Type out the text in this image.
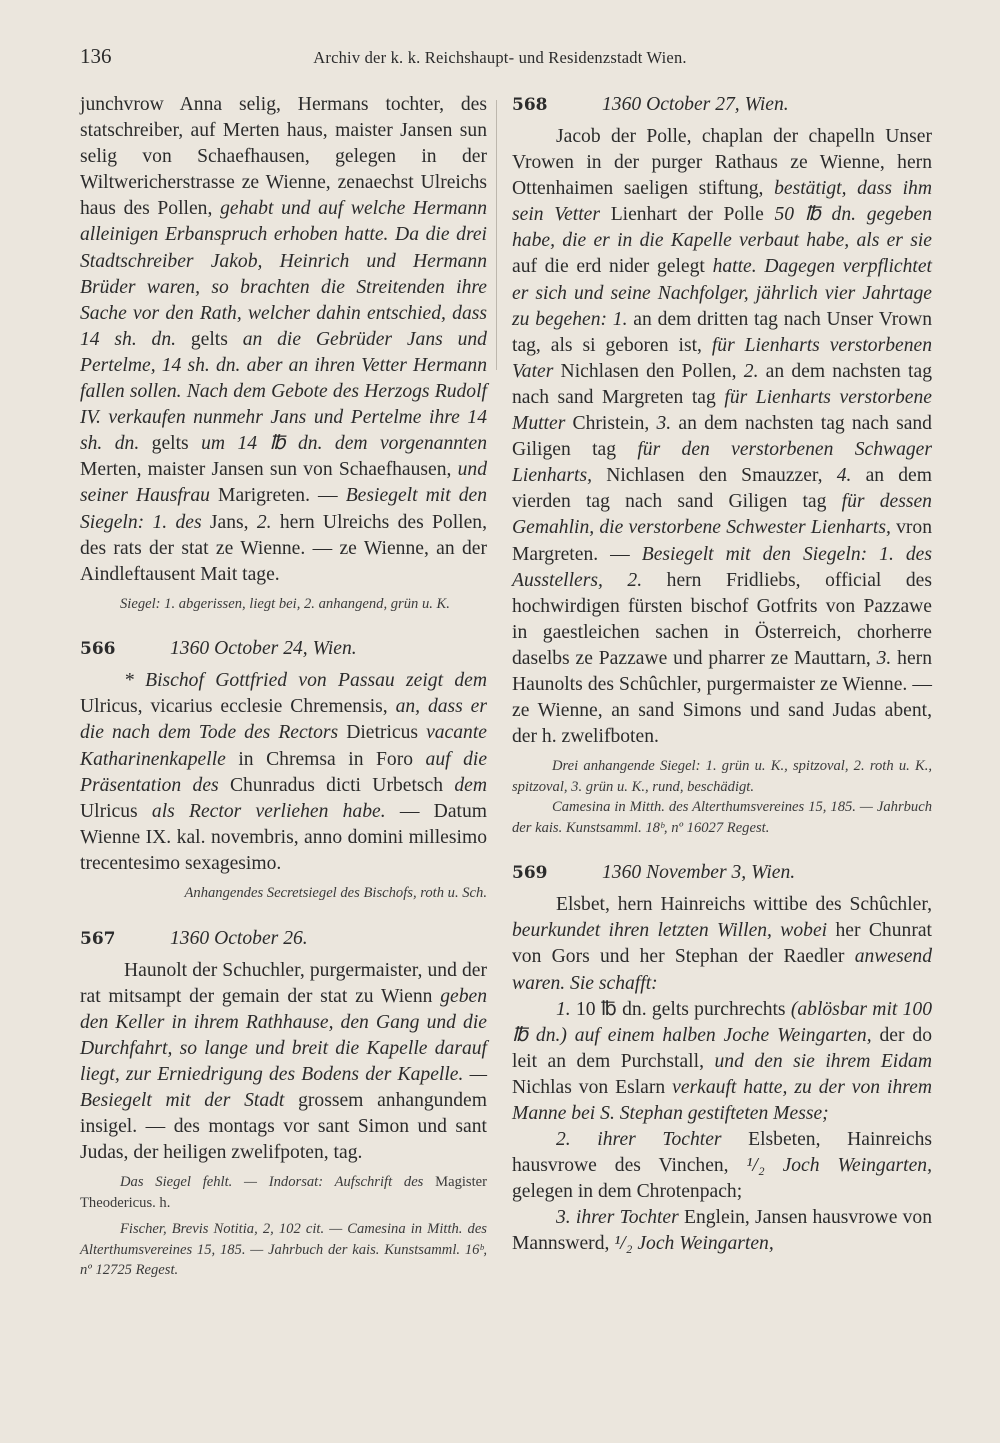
136	Archiv der k. k. Reichshaupt- und Residenzstadt Wien.

junchvrow Anna selig, Hermans tochter, des statschreiber, auf Merten haus, maister Jansen sun selig von Schaefhausen, gelegen in der Wiltwericherstrasse ze Wienne, zenaechst Ulreichs haus des Pollen, gehabt und auf welche Hermann alleinigen Erbanspruch erhoben hatte. Da die drei Stadtschreiber Jakob, Heinrich und Hermann Brüder waren, so brachten die Streitenden ihre Sache vor den Rath, welcher dahin entschied, dass 14 sh. dn. gelts an die Gebrüder Jans und Pertelme, 14 sh. dn. aber an ihren Vetter Hermann fallen sollen. Nach dem Gebote des Herzogs Rudolf IV. verkaufen nunmehr Jans und Pertelme ihre 14 sh. dn. gelts um 14 ℔ dn. dem vorgenannten Merten, maister Jansen sun von Schaefhausen, und seiner Hausfrau Marigreten. — Besiegelt mit den Siegeln: 1. des Jans, 2. hern Ulreichs des Pollen, des rats der stat ze Wienne. — ze Wienne, an der Aindleftausent Mait tage.

Siegel: 1. abgerissen, liegt bei, 2. anhangend, grün u. K.

566	1360 October 24, Wien.

* Bischof Gottfried von Passau zeigt dem Ulricus, vicarius ecclesie Chremensis, an, dass er die nach dem Tode des Rectors Dietricus vacante Katharinenkapelle in Chremsa in Foro auf die Präsentation des Chunradus dicti Urbetsch dem Ulricus als Rector verliehen habe. — Datum Wienne IX. kal. novembris, anno domini millesimo trecentesimo sexagesimo.

Anhangendes Secretsiegel des Bischofs, roth u. Sch.

567	1360 October 26.

Haunolt der Schuchler, purgermaister, und der rat mitsampt der gemain der stat zu Wienn geben den Keller in ihrem Rathhause, den Gang und die Durchfahrt, so lange und breit die Kapelle darauf liegt, zur Erniedrigung des Bodens der Kapelle. — Besiegelt mit der Stadt grossem anhangundem insigel. — des montags vor sant Simon und sant Judas, der heiligen zwelifpoten, tag.

Das Siegel fehlt. — Indorsat: Aufschrift des Magister Theodericus. h.

Fischer, Brevis Notitia, 2, 102 cit. — Camesina in Mitth. des Alterthumsvereines 15, 185. — Jahrbuch der kais. Kunstsamml. 16ᵇ, nº 12725 Regest.

568	1360 October 27, Wien.

Jacob der Polle, chaplan der chapelln Unser Vrowen in der purger Rathaus ze Wienne, hern Ottenhaimen saeligen stiftung, bestätigt, dass ihm sein Vetter Lienhart der Polle 50 ℔ dn. gegeben habe, die er in die Kapelle verbaut habe, als er sie auf die erd nider gelegt hatte. Dagegen verpflichtet er sich und seine Nachfolger, jährlich vier Jahrtage zu begehen: 1. an dem dritten tag nach Unser Vrown tag, als si geboren ist, für Lienharts verstorbenen Vater Nichlasen den Pollen, 2. an dem nachsten tag nach sand Margreten tag für Lienharts verstorbene Mutter Christein, 3. an dem nachsten tag nach sand Giligen tag für den verstorbenen Schwager Lienharts, Nichlasen den Smauzzer, 4. an dem vierden tag nach sand Giligen tag für dessen Gemahlin, die verstorbene Schwester Lienharts, vron Margreten. — Besiegelt mit den Siegeln: 1. des Ausstellers, 2. hern Fridliebs, official des hochwirdigen fürsten bischof Gotfrits von Pazzawe in gaestleichen sachen in Österreich, chorherre daselbs ze Pazzawe und pharrer ze Mauttarn, 3. hern Haunolts des Schûchler, purgermaister ze Wienne. — ze Wienne, an sand Simons und sand Judas abent, der h. zwelifboten.

Drei anhangende Siegel: 1. grün u. K., spitzoval, 2. roth u. K., spitzoval, 3. grün u. K., rund, beschädigt.

Camesina in Mitth. des Alterthumsvereines 15, 185. — Jahrbuch der kais. Kunstsamml. 18ᵇ, nº 16027 Regest.

569	1360 November 3, Wien.

Elsbet, hern Hainreichs wittibe des Schûchler, beurkundet ihren letzten Willen, wobei her Chunrat von Gors und her Stephan der Raedler anwesend waren. Sie schafft:

1. 10 ℔ dn. gelts purchrechts (ablösbar mit 100 ℔ dn.) auf einem halben Joche Weingarten, der do leit an dem Purchstall, und den sie ihrem Eidam Nichlas von Eslarn verkauft hatte, zu der von ihrem Manne bei S. Stephan gestifteten Messe;

2. ihrer Tochter Elsbeten, Hainreichs hausvrowe des Vinchen, ¹/₂ Joch Weingarten, gelegen in dem Chrotenpach;

3. ihrer Tochter Englein, Jansen hausvrowe von Mannswerd, ¹/₂ Joch Weingarten,
